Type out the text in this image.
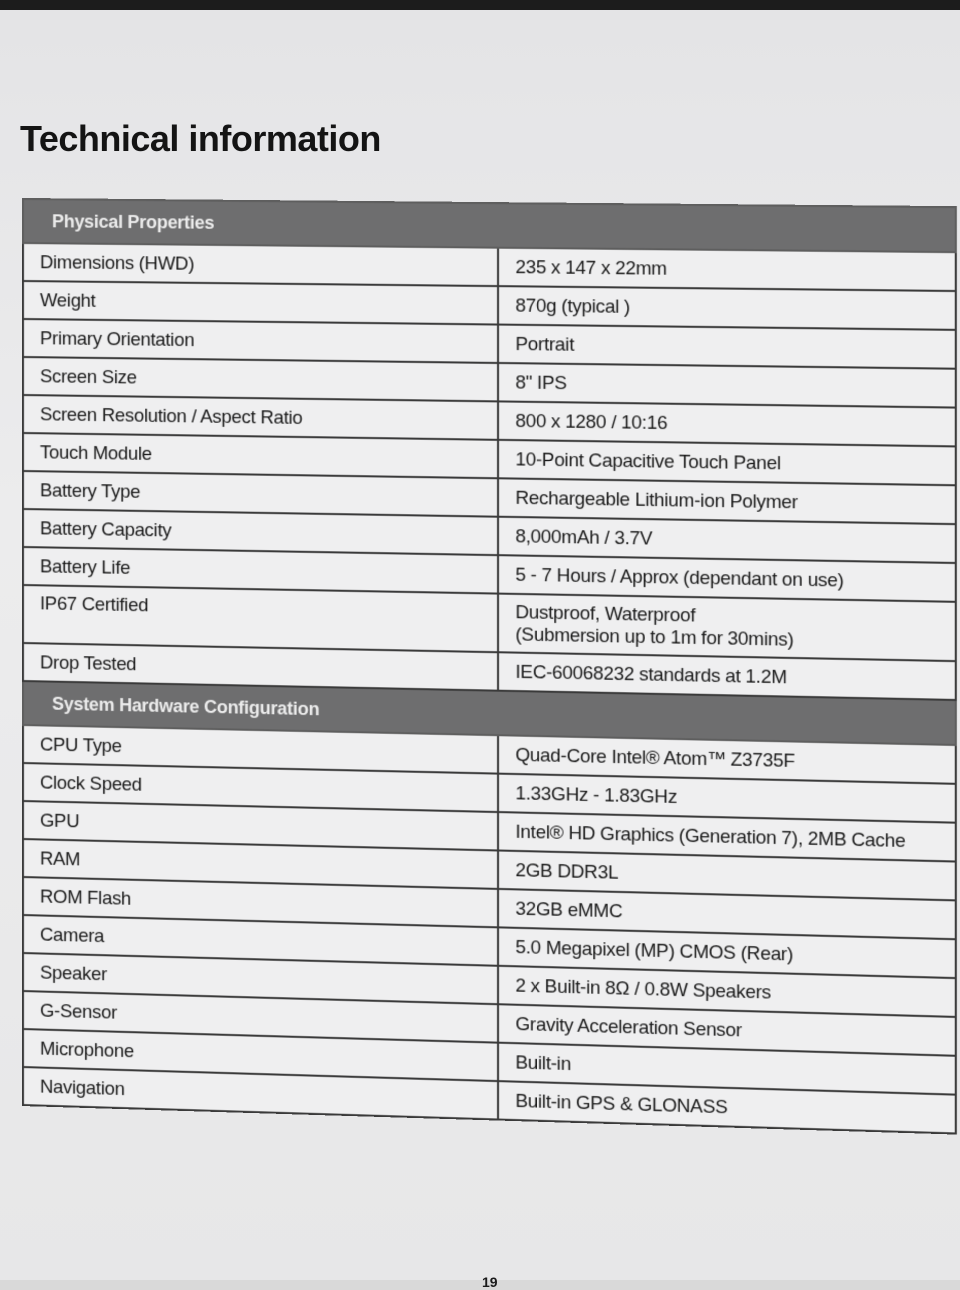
Technical information
Physical Properties	
Dimensions (HWD)	235 x 147 x 22mm
Weight	870g (typical )
Primary Orientation	Portrait
Screen Size	8" IPS
Screen Resolution / Aspect Ratio	800 x 1280 / 10:16
Touch Module	10-Point Capacitive Touch Panel
Battery Type	Rechargeable Lithium-ion Polymer
Battery Capacity	8,000mAh / 3.7V
Battery Life	5 - 7 Hours / Approx (dependant on use)
IP67 Certified	Dustproof, Waterproof
(Submersion up to 1m for 30mins)

Drop Tested	IEC-60068232 standards at 1.2M
System Hardware Configuration	
CPU Type	Quad-Core Intel® Atom™ Z3735F
Clock Speed	1.33GHz - 1.83GHz
GPU	Intel® HD Graphics (Generation 7), 2MB Cache
RAM	2GB DDR3L
ROM Flash	32GB eMMC
Camera	5.0 Megapixel (MP) CMOS (Rear)
Speaker	2 x Built-in 8Ω / 0.8W Speakers
G-Sensor	Gravity Acceleration Sensor
Microphone	Built-in
Navigation	Built-in GPS & GLONASS
19
